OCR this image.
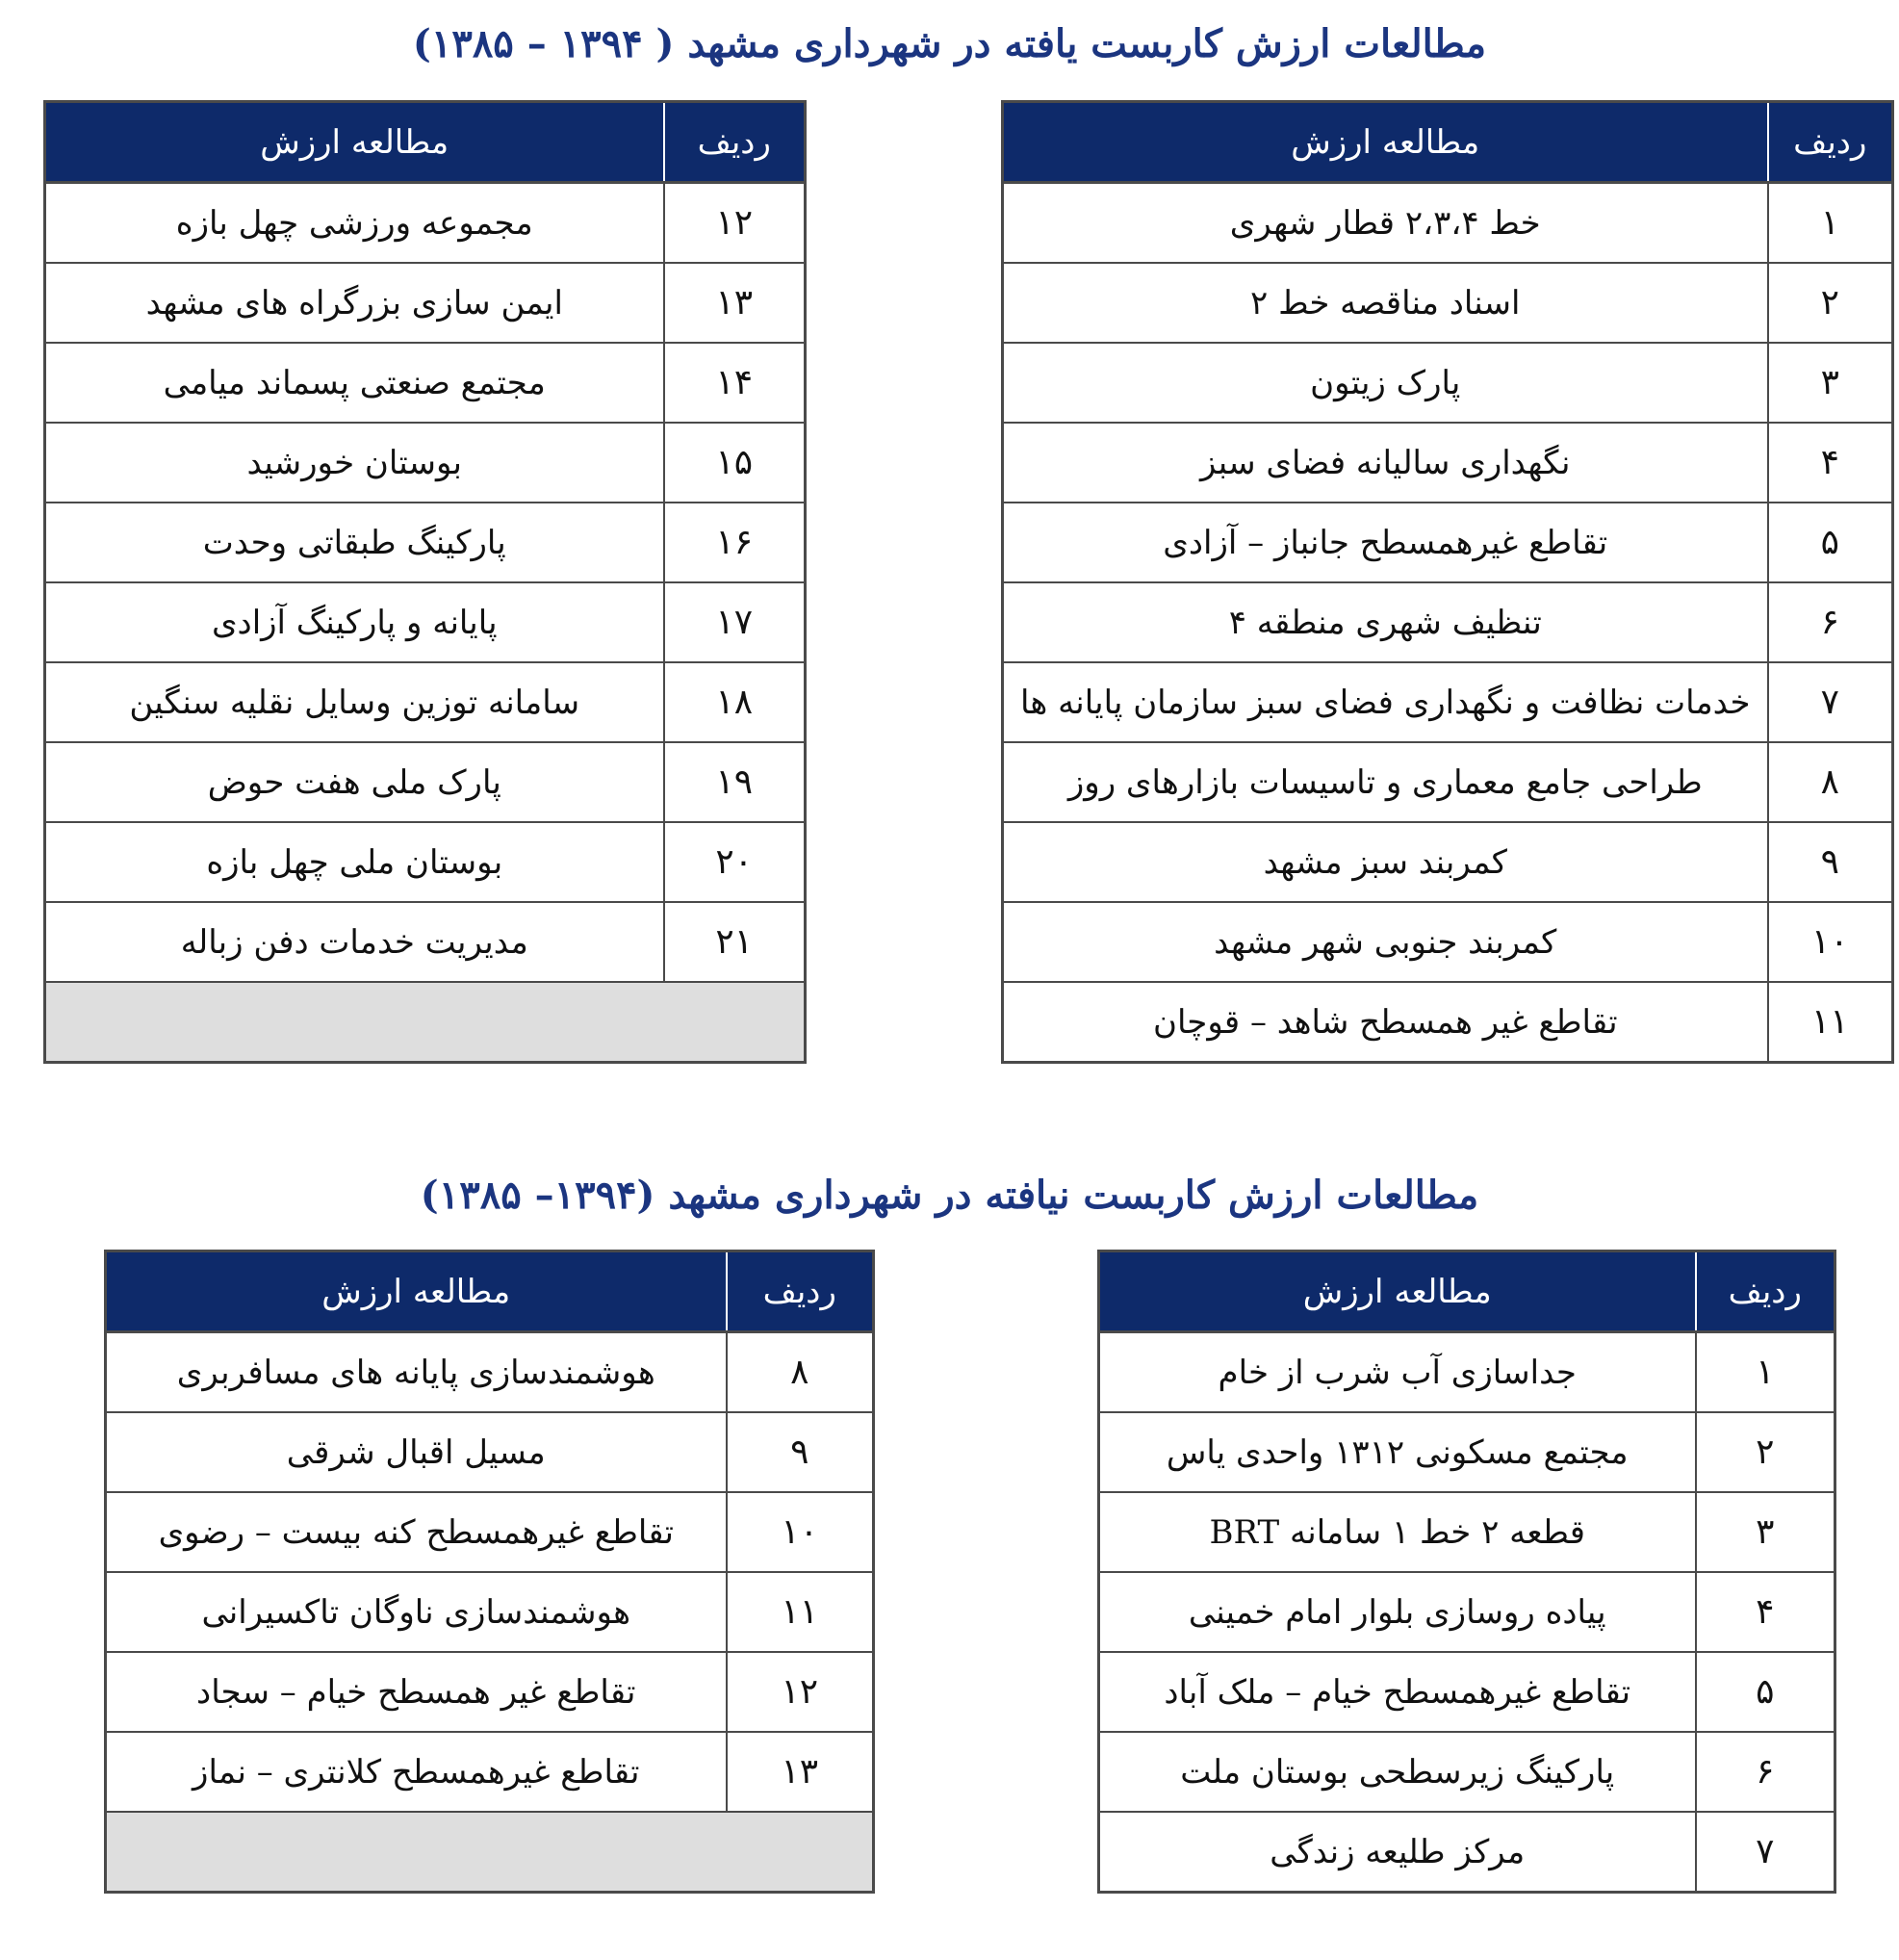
مطالعات ارزش کاربست یافته در شهرداری مشهد ( ۱۳۹۴ – ۱۳۸۵)
ردیف	مطالعه ارزش
۱	خط ۲،۳،۴ قطار شهری
۲	اسناد مناقصه خط ۲
۳	پارک زیتون
۴	نگهداری سالیانه فضای سبز
۵	تقاطع غیرهمسطح جانباز – آزادی
۶	تنظیف شهری منطقه ۴
۷	خدمات نظافت و نگهداری فضای سبز سازمان پایانه ها
۸	طراحی جامع معماری و تاسیسات بازارهای روز
۹	کمربند سبز مشهد
۱۰	کمربند جنوبی شهر مشهد
۱۱	تقاطع غیر همسطح شاهد – قوچان
ردیف	مطالعه ارزش
۱۲	مجموعه ورزشی چهل بازه
۱۳	ایمن سازی بزرگراه های مشهد
۱۴	مجتمع صنعتی پسماند میامی
۱۵	بوستان خورشید
۱۶	پارکینگ طبقاتی وحدت
۱۷	پایانه و پارکینگ آزادی
۱۸	سامانه توزین وسایل نقلیه سنگین
۱۹	پارک ملی هفت حوض
۲۰	بوستان ملی چهل بازه
۲۱	مدیریت خدمات دفن زباله

مطالعات ارزش کاربست نیافته در شهرداری مشهد (۱۳۹۴– ۱۳۸۵)
ردیف	مطالعه ارزش
۱	جداسازی آب شرب از خام
۲	مجتمع مسکونی ۱۳۱۲ واحدی یاس
۳	قطعه ۲ خط ۱ سامانه BRT
۴	پیاده روسازی بلوار امام خمینی
۵	تقاطع غیرهمسطح خیام – ملک آباد
۶	پارکینگ زیرسطحی بوستان ملت
۷	مرکز طلیعه زندگی
ردیف	مطالعه ارزش
۸	هوشمندسازی پایانه های مسافربری
۹	مسیل اقبال شرقی
۱۰	تقاطع غیرهمسطح کنه بیست – رضوی
۱۱	هوشمندسازی ناوگان تاکسیرانی
۱۲	تقاطع غیر همسطح خیام – سجاد
۱۳	تقاطع غیرهمسطح کلانتری – نماز
